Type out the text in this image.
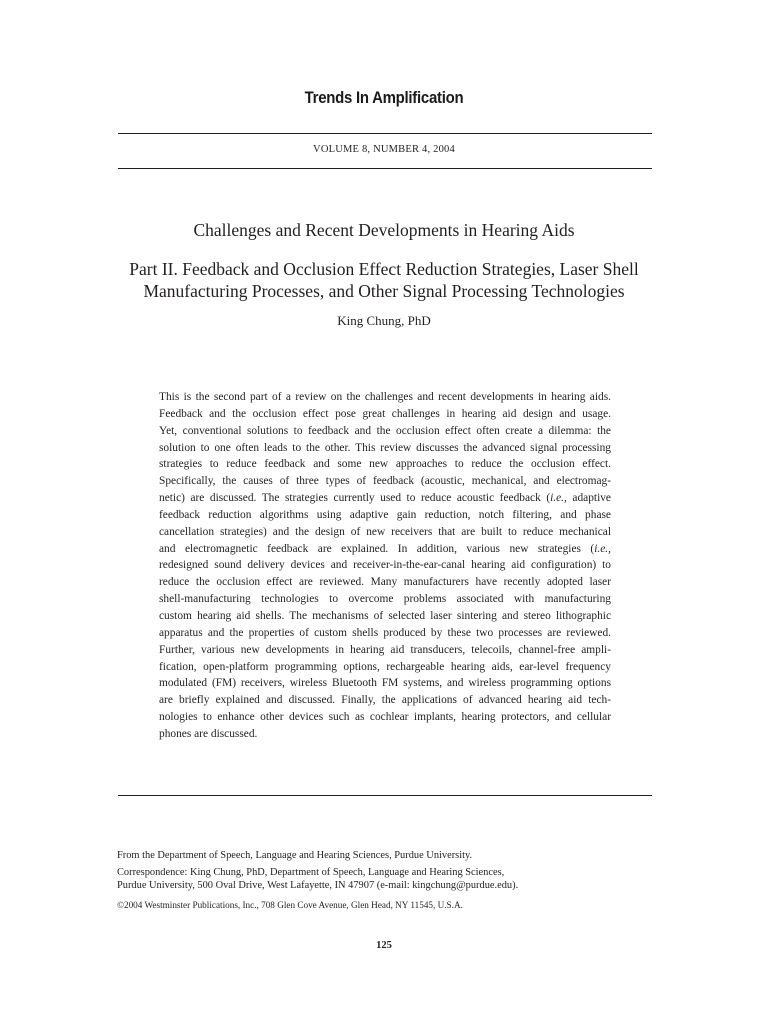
Trends In Amplification
VOLUME 8, NUMBER 4, 2004
Challenges and Recent Developments in Hearing Aids
Part II. Feedback and Occlusion Effect Reduction Strategies, Laser Shell
Manufacturing Processes, and Other Signal Processing Technologies
King Chung, PhD
This is the second part of a review on the challenges and recent developments in hearing aids.
Feedback and the occlusion effect pose great challenges in hearing aid design and usage.
Yet, conventional solutions to feedback and the occlusion effect often create a dilemma: the
solution to one often leads to the other. This review discusses the advanced signal processing
strategies to reduce feedback and some new approaches to reduce the occlusion effect.
Specifically, the causes of three types of feedback (acoustic, mechanical, and electromag-
netic) are discussed. The strategies currently used to reduce acoustic feedback (i.e., adaptive
feedback reduction algorithms using adaptive gain reduction, notch filtering, and phase
cancellation strategies) and the design of new receivers that are built to reduce mechanical
and electromagnetic feedback are explained. In addition, various new strategies (i.e.,
redesigned sound delivery devices and receiver-in-the-ear-canal hearing aid configuration) to
reduce the occlusion effect are reviewed. Many manufacturers have recently adopted laser
shell-manufacturing technologies to overcome problems associated with manufacturing
custom hearing aid shells. The mechanisms of selected laser sintering and stereo lithographic
apparatus and the properties of custom shells produced by these two processes are reviewed.
Further, various new developments in hearing aid transducers, telecoils, channel-free ampli-
fication, open-platform programming options, rechargeable hearing aids, ear-level frequency
modulated (FM) receivers, wireless Bluetooth FM systems, and wireless programming options
are briefly explained and discussed. Finally, the applications of advanced hearing aid tech-
nologies to enhance other devices such as cochlear implants, hearing protectors, and cellular
phones are discussed.
From the Department of Speech, Language and Hearing Sciences, Purdue University.
Correspondence: King Chung, PhD, Department of Speech, Language and Hearing Sciences,
Purdue University, 500 Oval Drive, West Lafayette, IN 47907 (e-mail: kingchung@purdue.edu).
©2004 Westminster Publications, Inc., 708 Glen Cove Avenue, Glen Head, NY 11545, U.S.A.
125
